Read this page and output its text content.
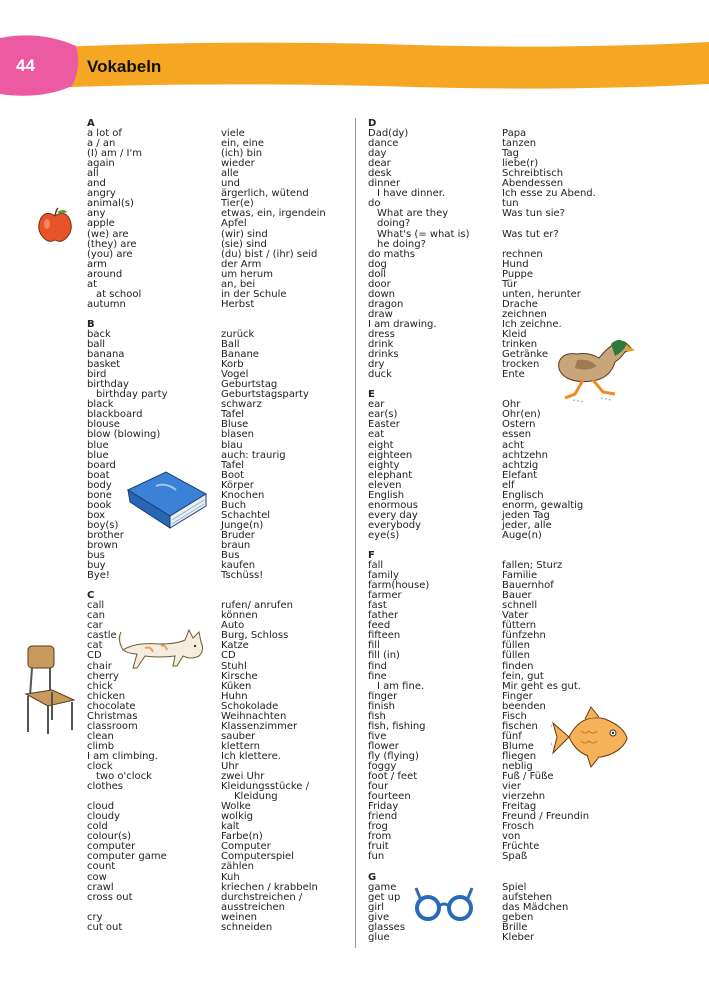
44	Vokabeln
A
a lot of	viele
a / an	ein, eine
(I) am / I'm	(ich) bin
again	wieder
all	alle
and	und
angry	ärgerlich, wütend
animal(s)	Tier(e)
any	etwas, ein, irgendein
apple	Apfel
(we) are	(wir) sind
(they) are	(sie) sind
(you) are	(du) bist / (ihr) seid
arm	der Arm
around	um herum
at	an, bei
at school	in der Schule
autumn	Herbst
B
back	zurück
ball	Ball
banana	Banane
basket	Korb
bird	Vogel
birthday	Geburtstag
birthday party	Geburtstagsparty
black	schwarz
blackboard	Tafel
blouse	Bluse
blow (blowing)	blasen
blue	blau
blue	auch: traurig
board	Tafel
boat	Boot
body	Körper
bone	Knochen
book	Buch
box	Schachtel
boy(s)	Junge(n)
brother	Bruder
brown	braun
bus	Bus
buy	kaufen
Bye!	Tschüss!
C
call	rufen/ anrufen
can	können
car	Auto
castle	Burg, Schloss
cat	Katze
CD	CD
chair	Stuhl
cherry	Kirsche
chick	Küken
chicken	Huhn
chocolate	Schokolade
Christmas	Weihnachten
classroom	Klassenzimmer
clean	sauber
climb	klettern
I am climbing.	Ich klettere.
clock	Uhr
two o'clock	zwei Uhr
clothes	Kleidungsstücke /
Kleidung
cloud	Wolke
cloudy	wolkig
cold	kalt
colour(s)	Farbe(n)
computer	Computer
computer game	Computerspiel
count	zählen
cow	Kuh
crawl	kriechen / krabbeln
cross out	durchstreichen /
ausstreichen
cry	weinen
cut out	schneiden
D
Dad(dy)	Papa
dance	tanzen
day	Tag
dear	liebe(r)
desk	Schreibtisch
dinner	Abendessen
I have dinner.	Ich esse zu Abend.
do	tun
What are they	Was tun sie?
doing?
What's (= what is)	Was tut er?
he doing?
do maths	rechnen
dog	Hund
doll	Puppe
door	Tür
down	unten, herunter
dragon	Drache
draw	zeichnen
I am drawing.	Ich zeichne.
dress	Kleid
drink	trinken
drinks	Getränke
dry	trocken
duck	Ente
E
ear	Ohr
ear(s)	Ohr(en)
Easter	Ostern
eat	essen
eight	acht
eighteen	achtzehn
eighty	achtzig
elephant	Elefant
eleven	elf
English	Englisch
enormous	enorm, gewaltig
every day	jeden Tag
everybody	jeder, alle
eye(s)	Auge(n)
F
fall	fallen; Sturz
family	Familie
farm(house)	Bauernhof
farmer	Bauer
fast	schnell
father	Vater
feed	füttern
fifteen	fünfzehn
fill	füllen
fill (in)	füllen
find	finden
fine	fein, gut
I am fine.	Mir geht es gut.
finger	Finger
finish	beenden
fish	Fisch
fish, fishing	fischen
five	fünf
flower	Blume
fly (flying)	fliegen
foggy	neblig
foot / feet	Fuß / Füße
four	vier
fourteen	vierzehn
Friday	Freitag
friend	Freund / Freundin
frog	Frosch
from	von
fruit	Früchte
fun	Spaß
G
game	Spiel
get up	aufstehen
girl	das Mädchen
give	geben
glasses	Brille
glue	Kleber
